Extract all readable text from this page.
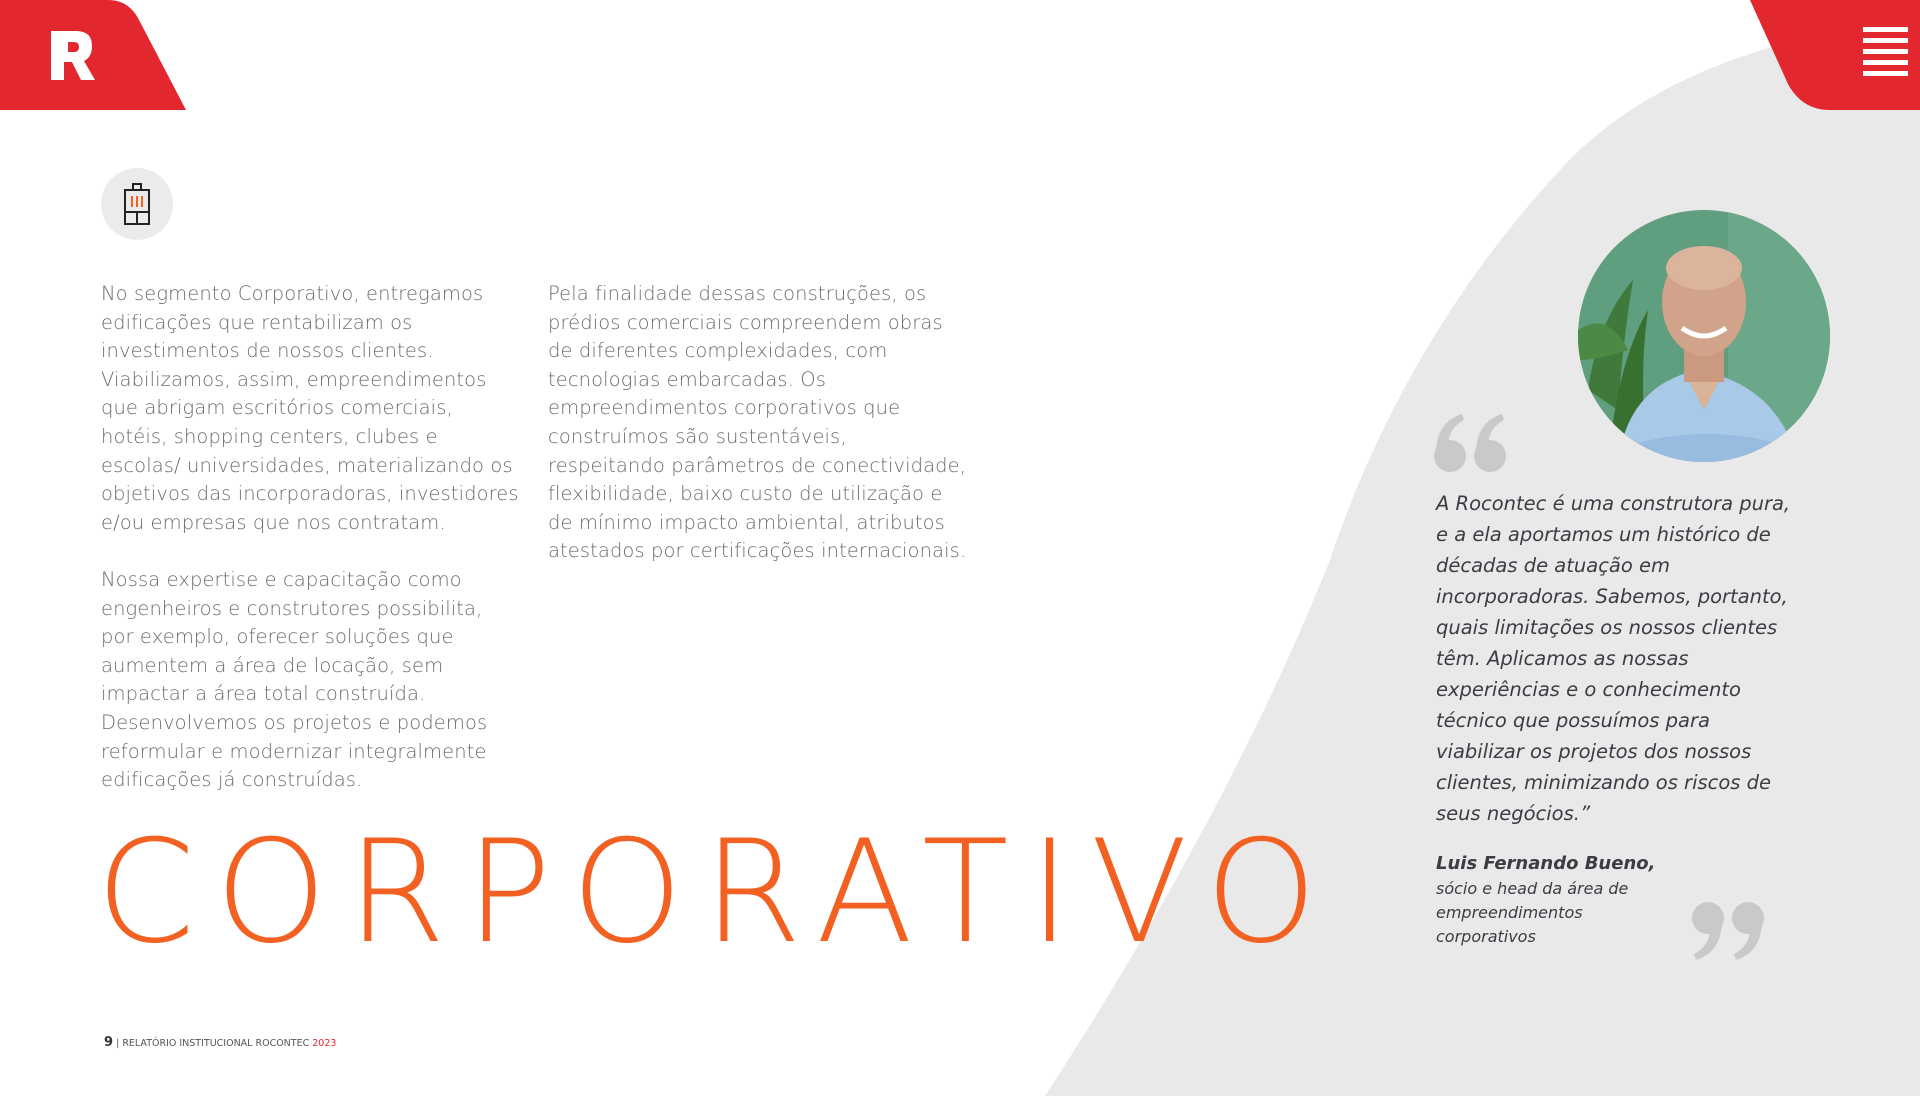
No segmento Corporativo, entregamos edificações que rentabilizam os investimentos de nossos clientes. Viabilizamos, assim, empreendimentos que abrigam escritórios comerciais, hotéis, shopping centers, clubes e escolas/ universidades, materializando os objetivos das incorporadoras, investidores e/ou empresas que nos contratam.

Nossa expertise e capacitação como engenheiros e construtores possibilita, por exemplo, oferecer soluções que aumentem a área de locação, sem impactar a área total construída. Desenvolvemos os projetos e podemos reformular e modernizar integralmente edificações já construídas.

Pela finalidade dessas construções, os prédios comerciais compreendem obras de diferentes complexidades, com tecnologias embarcadas. Os empreendimentos corporativos que construímos são sustentáveis, respeitando parâmetros de conectividade, flexibilidade, baixo custo de utilização e de mínimo impacto ambiental, atributos atestados por certificações internacionais.

CORPORATIVO
9 | RELATÓRIO INSTITUCIONAL ROCONTEC 2023
A Rocontec é uma construtora pura, e a ela aportamos um histórico de décadas de atuação em incorporadoras. Sabemos, portanto, quais limitações os nossos clientes têm. Aplicamos as nossas experiências e o conhecimento técnico que possuímos para viabilizar os projetos dos nossos clientes, minimizando os riscos de seus negócios.”
Luis Fernando Bueno,
sócio e head da área de empreendimentos corporativos
